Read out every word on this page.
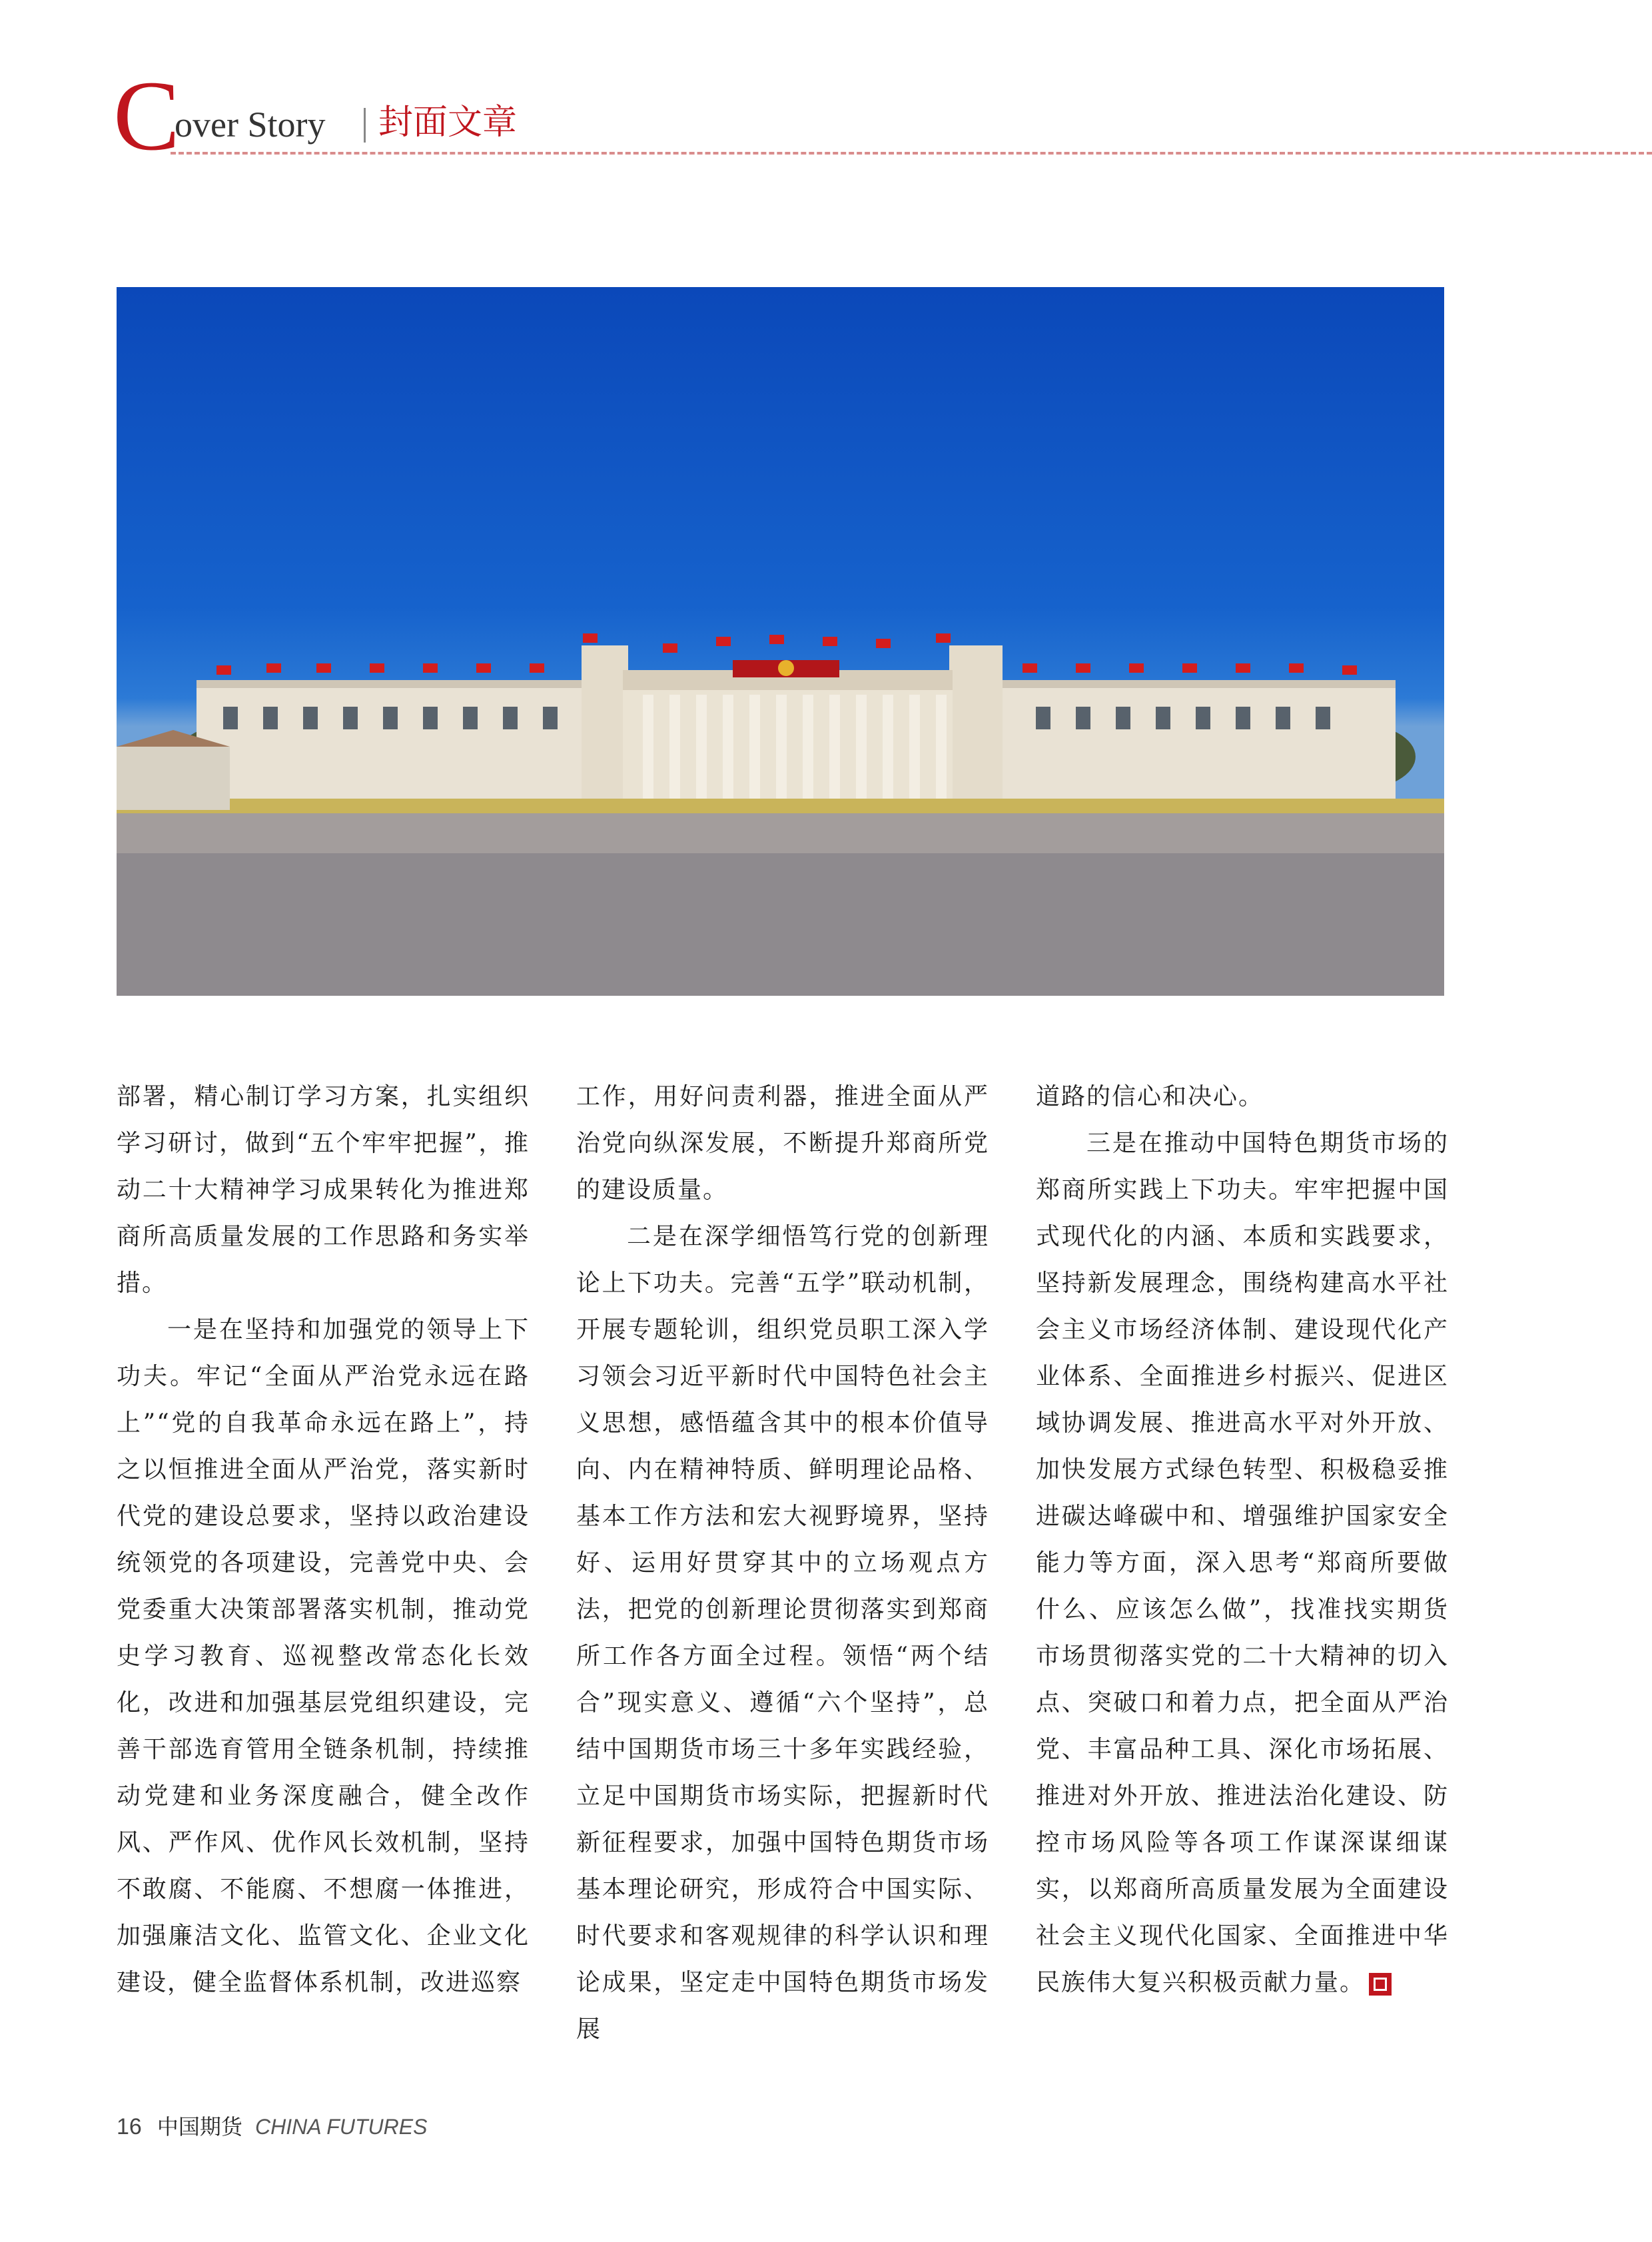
C
over Story 封面文章

部署，精心制订学习方案，扎实组织学习研讨，做到“五个牢牢把握”，推动二十大精神学习成果转化为推进郑商所高质量发展的工作思路和务实举措。

一是在坚持和加强党的领导上下功夫。牢记“全面从严治党永远在路上”“党的自我革命永远在路上”，持之以恒推进全面从严治党，落实新时代党的建设总要求，坚持以政治建设统领党的各项建设，完善党中央、会党委重大决策部署落实机制，推动党史学习教育、巡视整改常态化长效化，改进和加强基层党组织建设，完善干部选育管用全链条机制，持续推动党建和业务深度融合，健全改作风、严作风、优作风长效机制，坚持不敢腐、不能腐、不想腐一体推进，加强廉洁文化、监管文化、企业文化建设，健全监督体系机制，改进巡察

工作，用好问责利器，推进全面从严治党向纵深发展，不断提升郑商所党的建设质量。

二是在深学细悟笃行党的创新理论上下功夫。完善“五学”联动机制，开展专题轮训，组织党员职工深入学习领会习近平新时代中国特色社会主义思想，感悟蕴含其中的根本价值导向、内在精神特质、鲜明理论品格、基本工作方法和宏大视野境界，坚持好、运用好贯穿其中的立场观点方法，把党的创新理论贯彻落实到郑商所工作各方面全过程。领悟“两个结合”现实意义、遵循“六个坚持”，总结中国期货市场三十多年实践经验，立足中国期货市场实际，把握新时代新征程要求，加强中国特色期货市场基本理论研究，形成符合中国实际、时代要求和客观规律的科学认识和理论成果，坚定走中国特色期货市场发展

道路的信心和决心。

三是在推动中国特色期货市场的郑商所实践上下功夫。牢牢把握中国式现代化的内涵、本质和实践要求，坚持新发展理念，围绕构建高水平社会主义市场经济体制、建设现代化产业体系、全面推进乡村振兴、促进区域协调发展、推进高水平对外开放、加快发展方式绿色转型、积极稳妥推进碳达峰碳中和、增强维护国家安全能力等方面，深入思考“郑商所要做什么、应该怎么做”，找准找实期货市场贯彻落实党的二十大精神的切入点、突破口和着力点，把全面从严治党、丰富品种工具、深化市场拓展、推进对外开放、推进法治化建设、防控市场风险等各项工作谋深谋细谋实，以郑商所高质量发展为全面建设社会主义现代化国家、全面推进中华民族伟大复兴积极贡献力量。

16 中国期货 CHINA FUTURES
